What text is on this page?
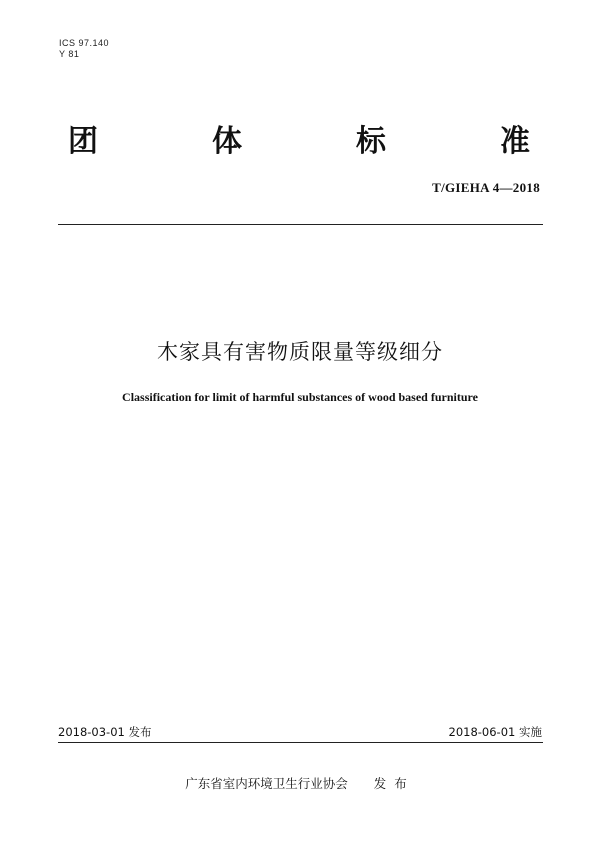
ICS 97.140
Y 81
团	体	标	准
T/GIEHA 4—2018
木家具有害物质限量等级细分
Classification for limit of harmful substances of wood based furniture
2018-03-01 发布	2018-06-01 实施
广东省室内环境卫生行业协会 发布
